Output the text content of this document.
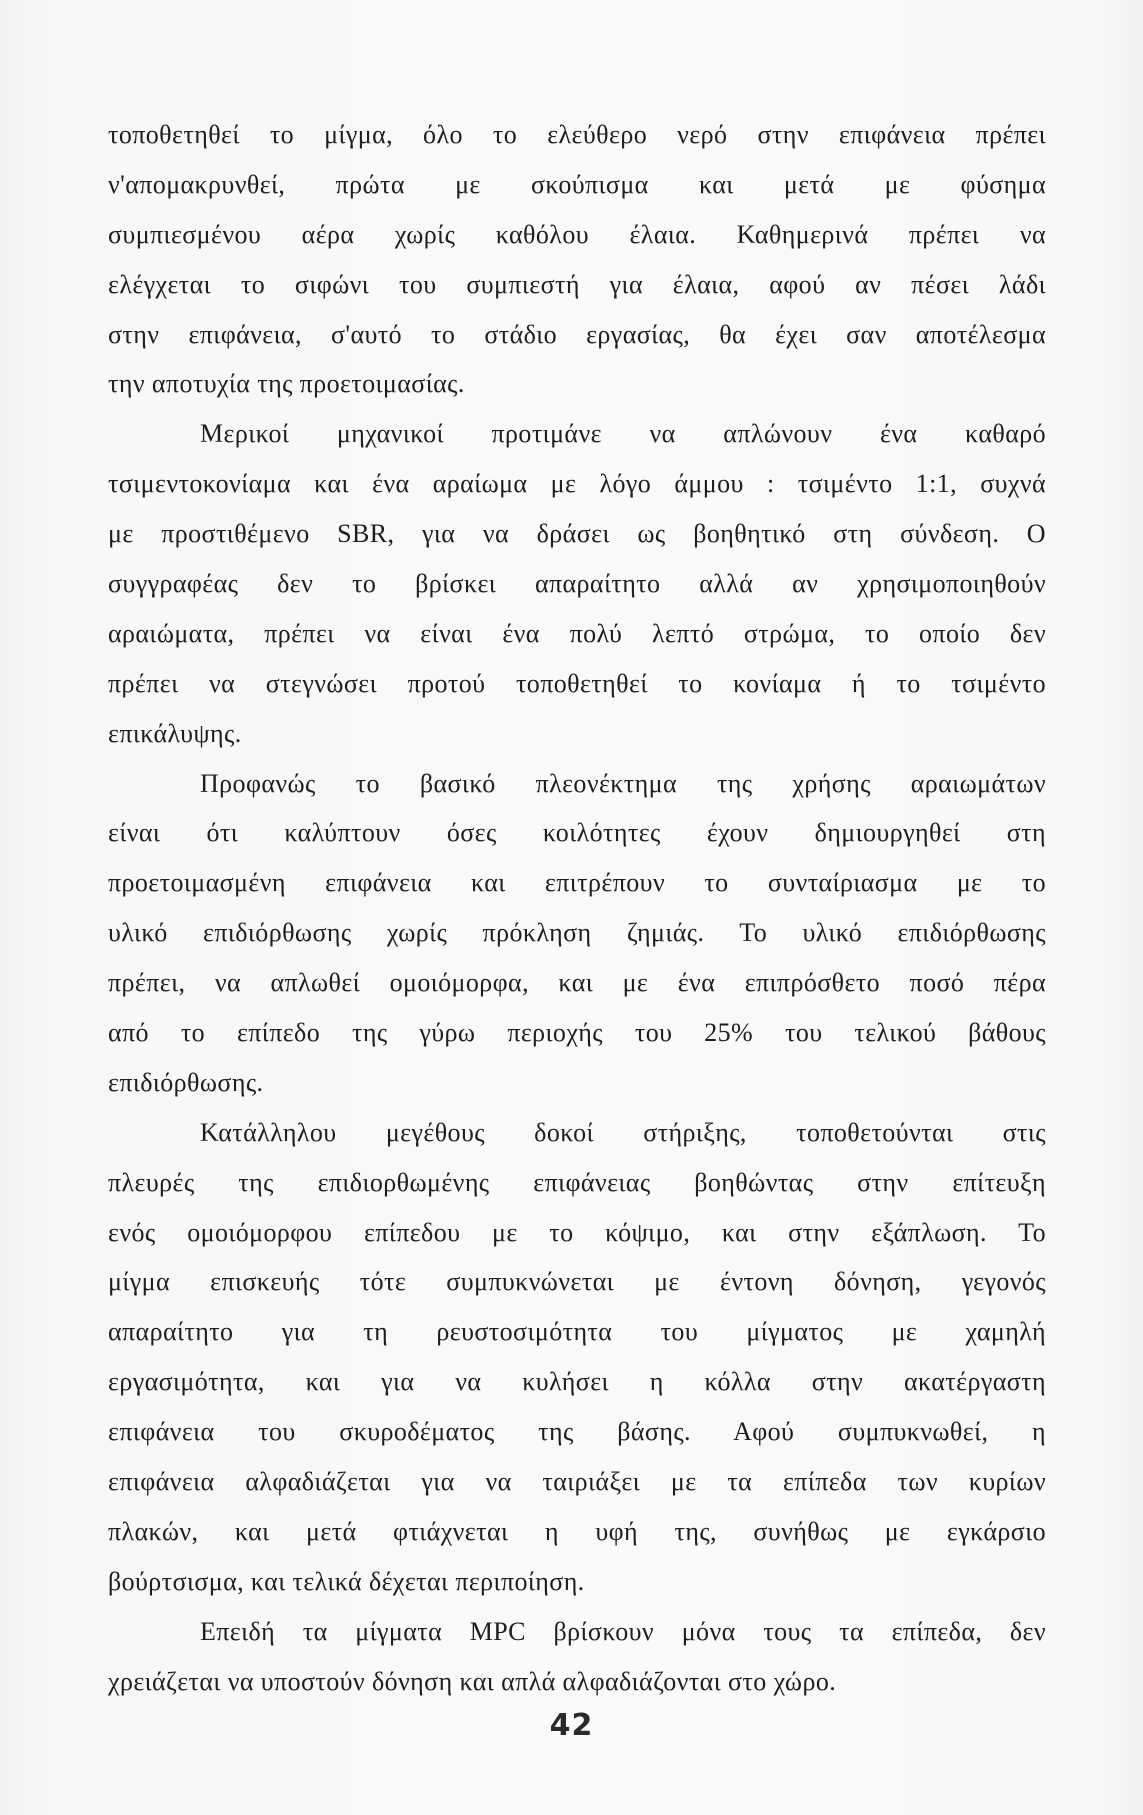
τοποθετηθεί το μίγμα, όλο το ελεύθερο νερό στην επιφάνεια πρέπει
ν'απομακρυνθεί, πρώτα με σκούπισμα και μετά με φύσημα
συμπιεσμένου αέρα χωρίς καθόλου έλαια. Καθημερινά πρέπει να
ελέγχεται το σιφώνι του συμπιεστή για έλαια, αφού αν πέσει λάδι
στην επιφάνεια, σ'αυτό το στάδιο εργασίας, θα έχει σαν αποτέλεσμα
την αποτυχία της προετοιμασίας.
Μερικοί μηχανικοί προτιμάνε να απλώνουν ένα καθαρό
τσιμεντοκονίαμα και ένα αραίωμα με λόγο άμμου : τσιμέντο 1:1, συχνά
με προστιθέμενο SBR, για να δράσει ως βοηθητικό στη σύνδεση. Ο
συγγραφέας δεν το βρίσκει απαραίτητο αλλά αν χρησιμοποιηθούν
αραιώματα, πρέπει να είναι ένα πολύ λεπτό στρώμα, το οποίο δεν
πρέπει να στεγνώσει προτού τοποθετηθεί το κονίαμα ή το τσιμέντο
επικάλυψης.
Προφανώς το βασικό πλεονέκτημα της χρήσης αραιωμάτων
είναι ότι καλύπτουν όσες κοιλότητες έχουν δημιουργηθεί στη
προετοιμασμένη επιφάνεια και επιτρέπουν το συνταίριασμα με το
υλικό επιδιόρθωσης χωρίς πρόκληση ζημιάς. Το υλικό επιδιόρθωσης
πρέπει, να απλωθεί ομοιόμορφα, και με ένα επιπρόσθετο ποσό πέρα
από το επίπεδο της γύρω περιοχής του 25% του τελικού βάθους
επιδιόρθωσης.
Κατάλληλου μεγέθους δοκοί στήριξης, τοποθετούνται στις
πλευρές της επιδιορθωμένης επιφάνειας βοηθώντας στην επίτευξη
ενός ομοιόμορφου επίπεδου με το κόψιμο, και στην εξάπλωση. Το
μίγμα επισκευής τότε συμπυκνώνεται με έντονη δόνηση, γεγονός
απαραίτητο για τη ρευστοσιμότητα του μίγματος με χαμηλή
εργασιμότητα, και για να κυλήσει η κόλλα στην ακατέργαστη
επιφάνεια του σκυροδέματος της βάσης. Αφού συμπυκνωθεί, η
επιφάνεια αλφαδιάζεται για να ταιριάξει με τα επίπεδα των κυρίων
πλακών, και μετά φτιάχνεται η υφή της, συνήθως με εγκάρσιο
βούρτσισμα, και τελικά δέχεται περιποίηση.
Επειδή τα μίγματα MPC βρίσκουν μόνα τους τα επίπεδα, δεν
χρειάζεται να υποστούν δόνηση και απλά αλφαδιάζονται στο χώρο.
42
